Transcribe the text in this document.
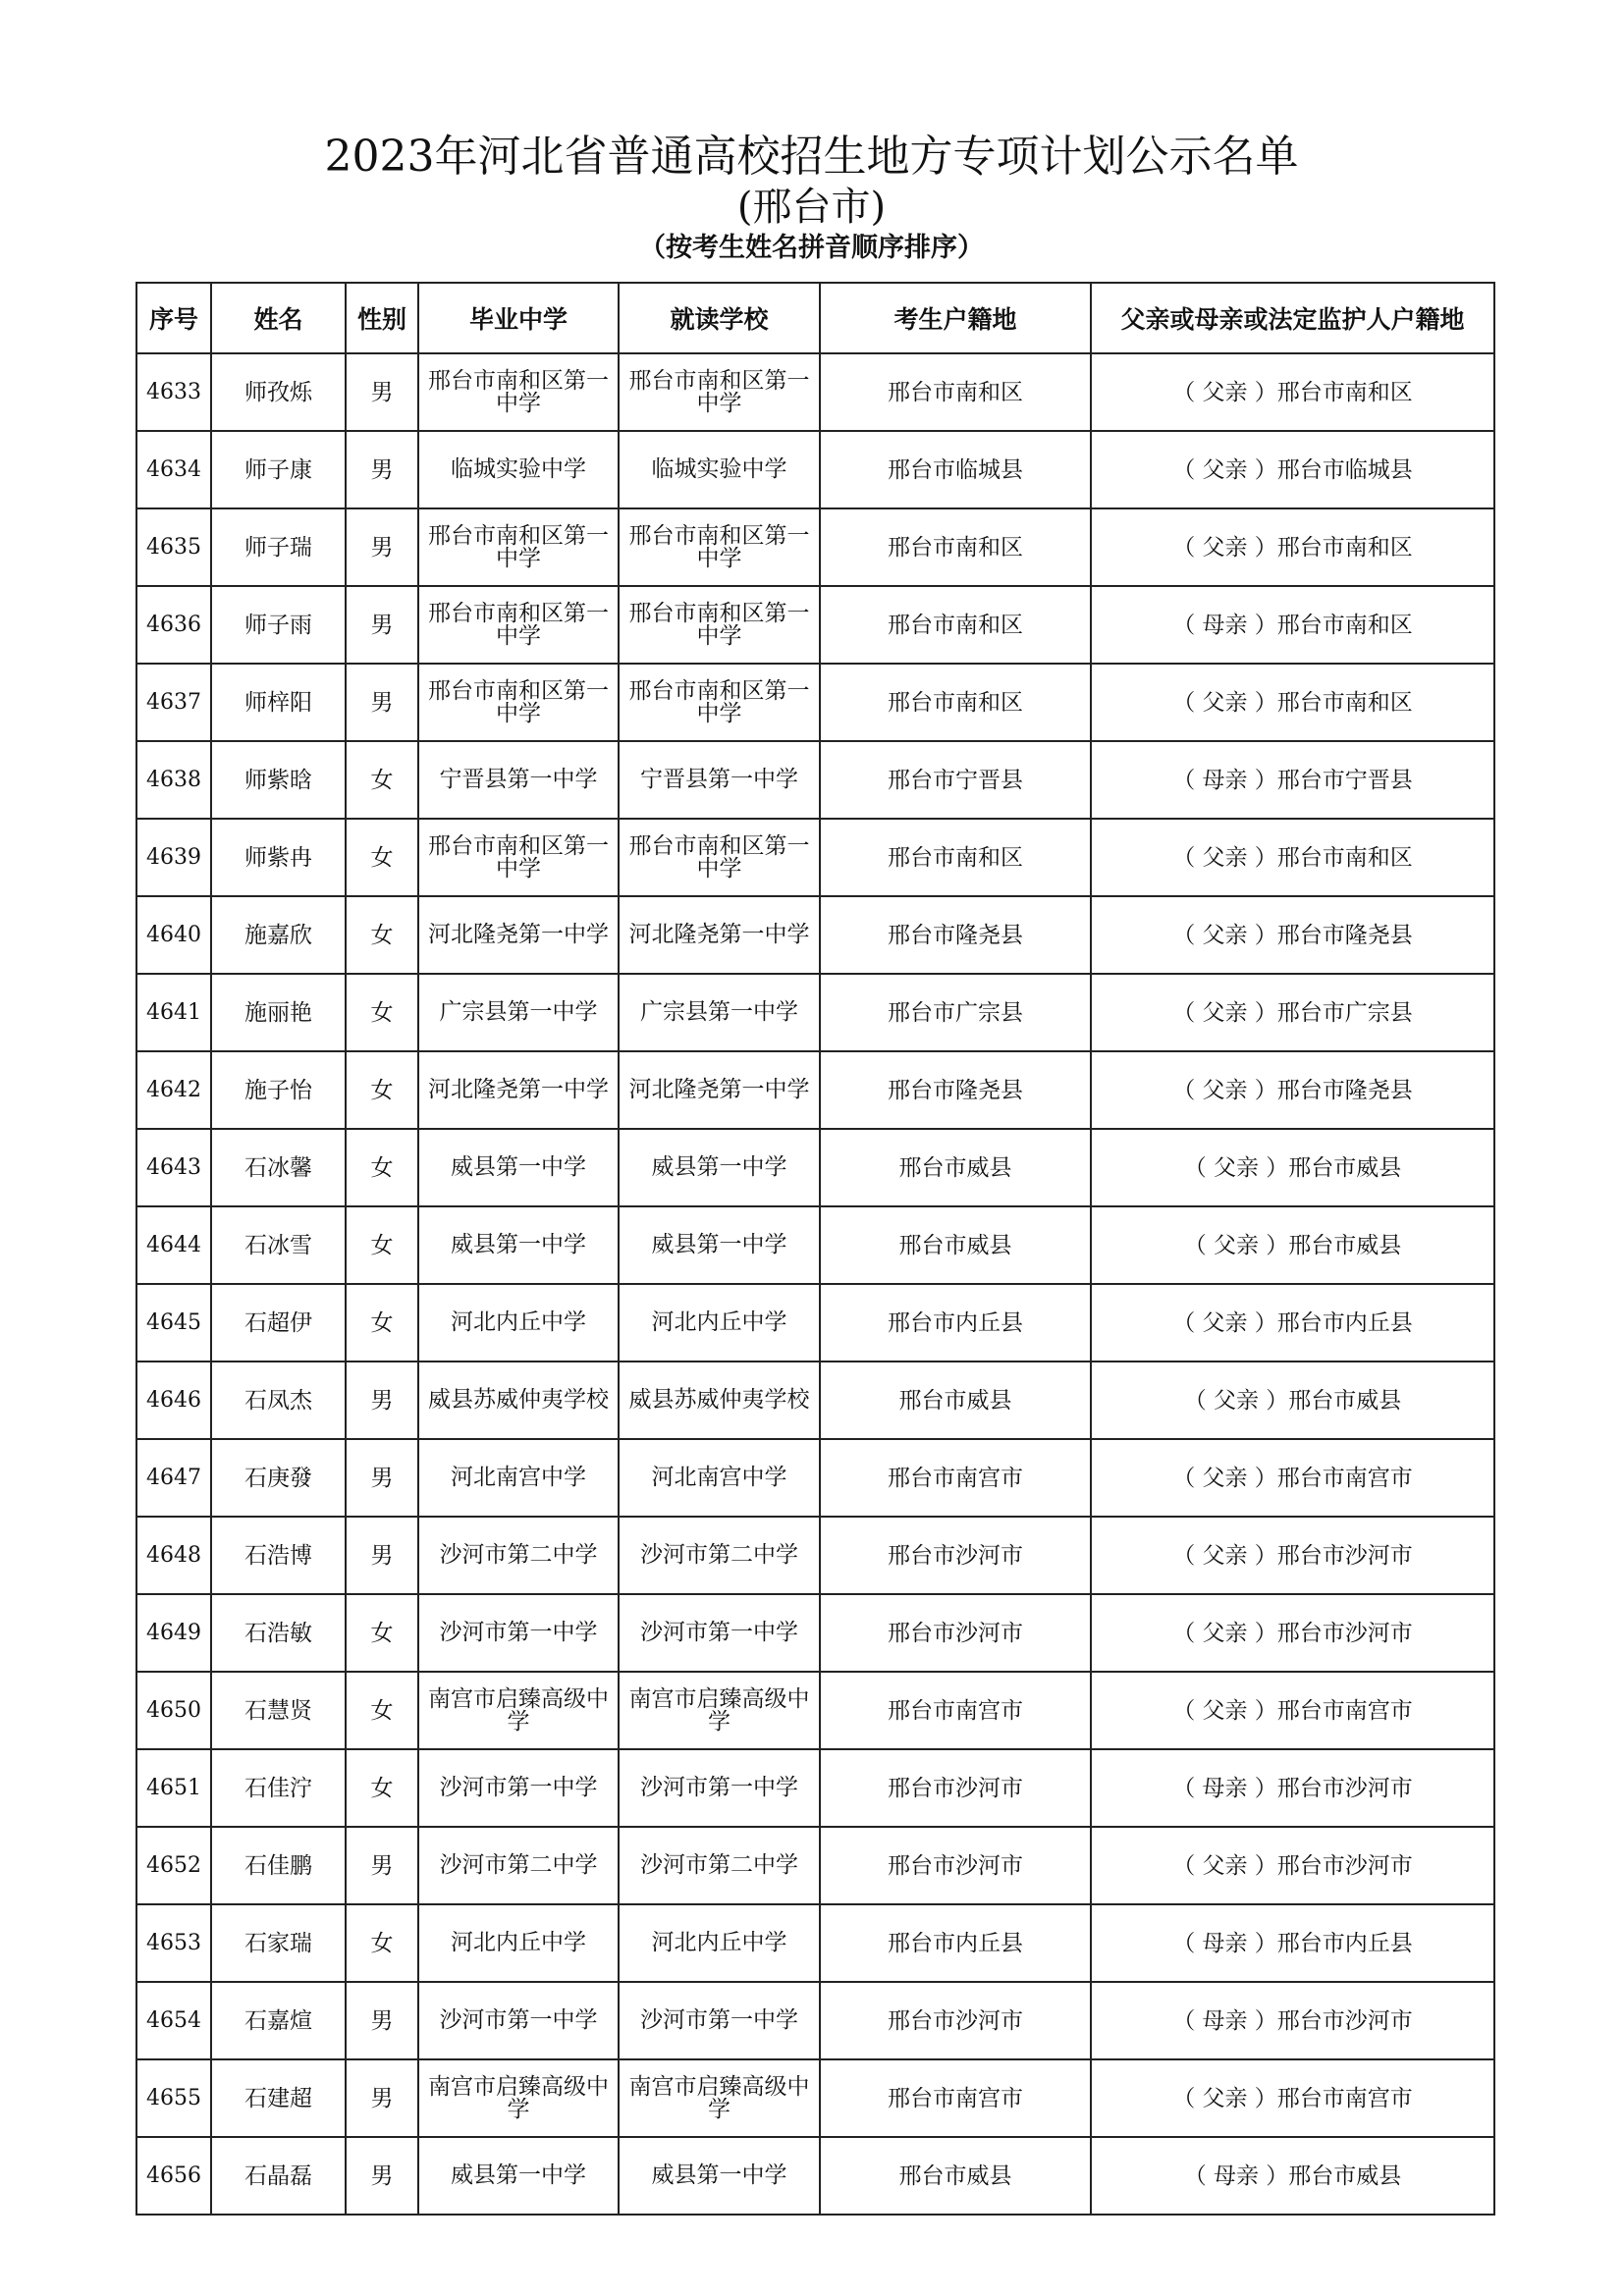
2023年河北省普通高校招生地方专项计划公示名单
(邢台市)
（按考生姓名拼音顺序排序）
序号	姓名	性别	毕业中学	就读学校	考生户籍地	父亲或母亲或法定监护人户籍地
4633	师孜烁	男	邢台市南和区第一中学	邢台市南和区第一中学	邢台市南和区	（ 父亲 ）邢台市南和区
4634	师子康	男	临城实验中学	临城实验中学	邢台市临城县	（ 父亲 ）邢台市临城县
4635	师子瑞	男	邢台市南和区第一中学	邢台市南和区第一中学	邢台市南和区	（ 父亲 ）邢台市南和区
4636	师子雨	男	邢台市南和区第一中学	邢台市南和区第一中学	邢台市南和区	（ 母亲 ）邢台市南和区
4637	师梓阳	男	邢台市南和区第一中学	邢台市南和区第一中学	邢台市南和区	（ 父亲 ）邢台市南和区
4638	师紫晗	女	宁晋县第一中学	宁晋县第一中学	邢台市宁晋县	（ 母亲 ）邢台市宁晋县
4639	师紫冉	女	邢台市南和区第一中学	邢台市南和区第一中学	邢台市南和区	（ 父亲 ）邢台市南和区
4640	施嘉欣	女	河北隆尧第一中学	河北隆尧第一中学	邢台市隆尧县	（ 父亲 ）邢台市隆尧县
4641	施丽艳	女	广宗县第一中学	广宗县第一中学	邢台市广宗县	（ 父亲 ）邢台市广宗县
4642	施子怡	女	河北隆尧第一中学	河北隆尧第一中学	邢台市隆尧县	（ 父亲 ）邢台市隆尧县
4643	石冰馨	女	威县第一中学	威县第一中学	邢台市威县	（ 父亲 ）邢台市威县
4644	石冰雪	女	威县第一中学	威县第一中学	邢台市威县	（ 父亲 ）邢台市威县
4645	石超伊	女	河北内丘中学	河北内丘中学	邢台市内丘县	（ 父亲 ）邢台市内丘县
4646	石凤杰	男	威县苏威仲夷学校	威县苏威仲夷学校	邢台市威县	（ 父亲 ）邢台市威县
4647	石庚發	男	河北南宫中学	河北南宫中学	邢台市南宫市	（ 父亲 ）邢台市南宫市
4648	石浩博	男	沙河市第二中学	沙河市第二中学	邢台市沙河市	（ 父亲 ）邢台市沙河市
4649	石浩敏	女	沙河市第一中学	沙河市第一中学	邢台市沙河市	（ 父亲 ）邢台市沙河市
4650	石慧贤	女	南宫市启臻高级中学	南宫市启臻高级中学	邢台市南宫市	（ 父亲 ）邢台市南宫市
4651	石佳泞	女	沙河市第一中学	沙河市第一中学	邢台市沙河市	（ 母亲 ）邢台市沙河市
4652	石佳鹏	男	沙河市第二中学	沙河市第二中学	邢台市沙河市	（ 父亲 ）邢台市沙河市
4653	石家瑞	女	河北内丘中学	河北内丘中学	邢台市内丘县	（ 母亲 ）邢台市内丘县
4654	石嘉煊	男	沙河市第一中学	沙河市第一中学	邢台市沙河市	（ 母亲 ）邢台市沙河市
4655	石建超	男	南宫市启臻高级中学	南宫市启臻高级中学	邢台市南宫市	（ 父亲 ）邢台市南宫市
4656	石晶磊	男	威县第一中学	威县第一中学	邢台市威县	（ 母亲 ）邢台市威县
